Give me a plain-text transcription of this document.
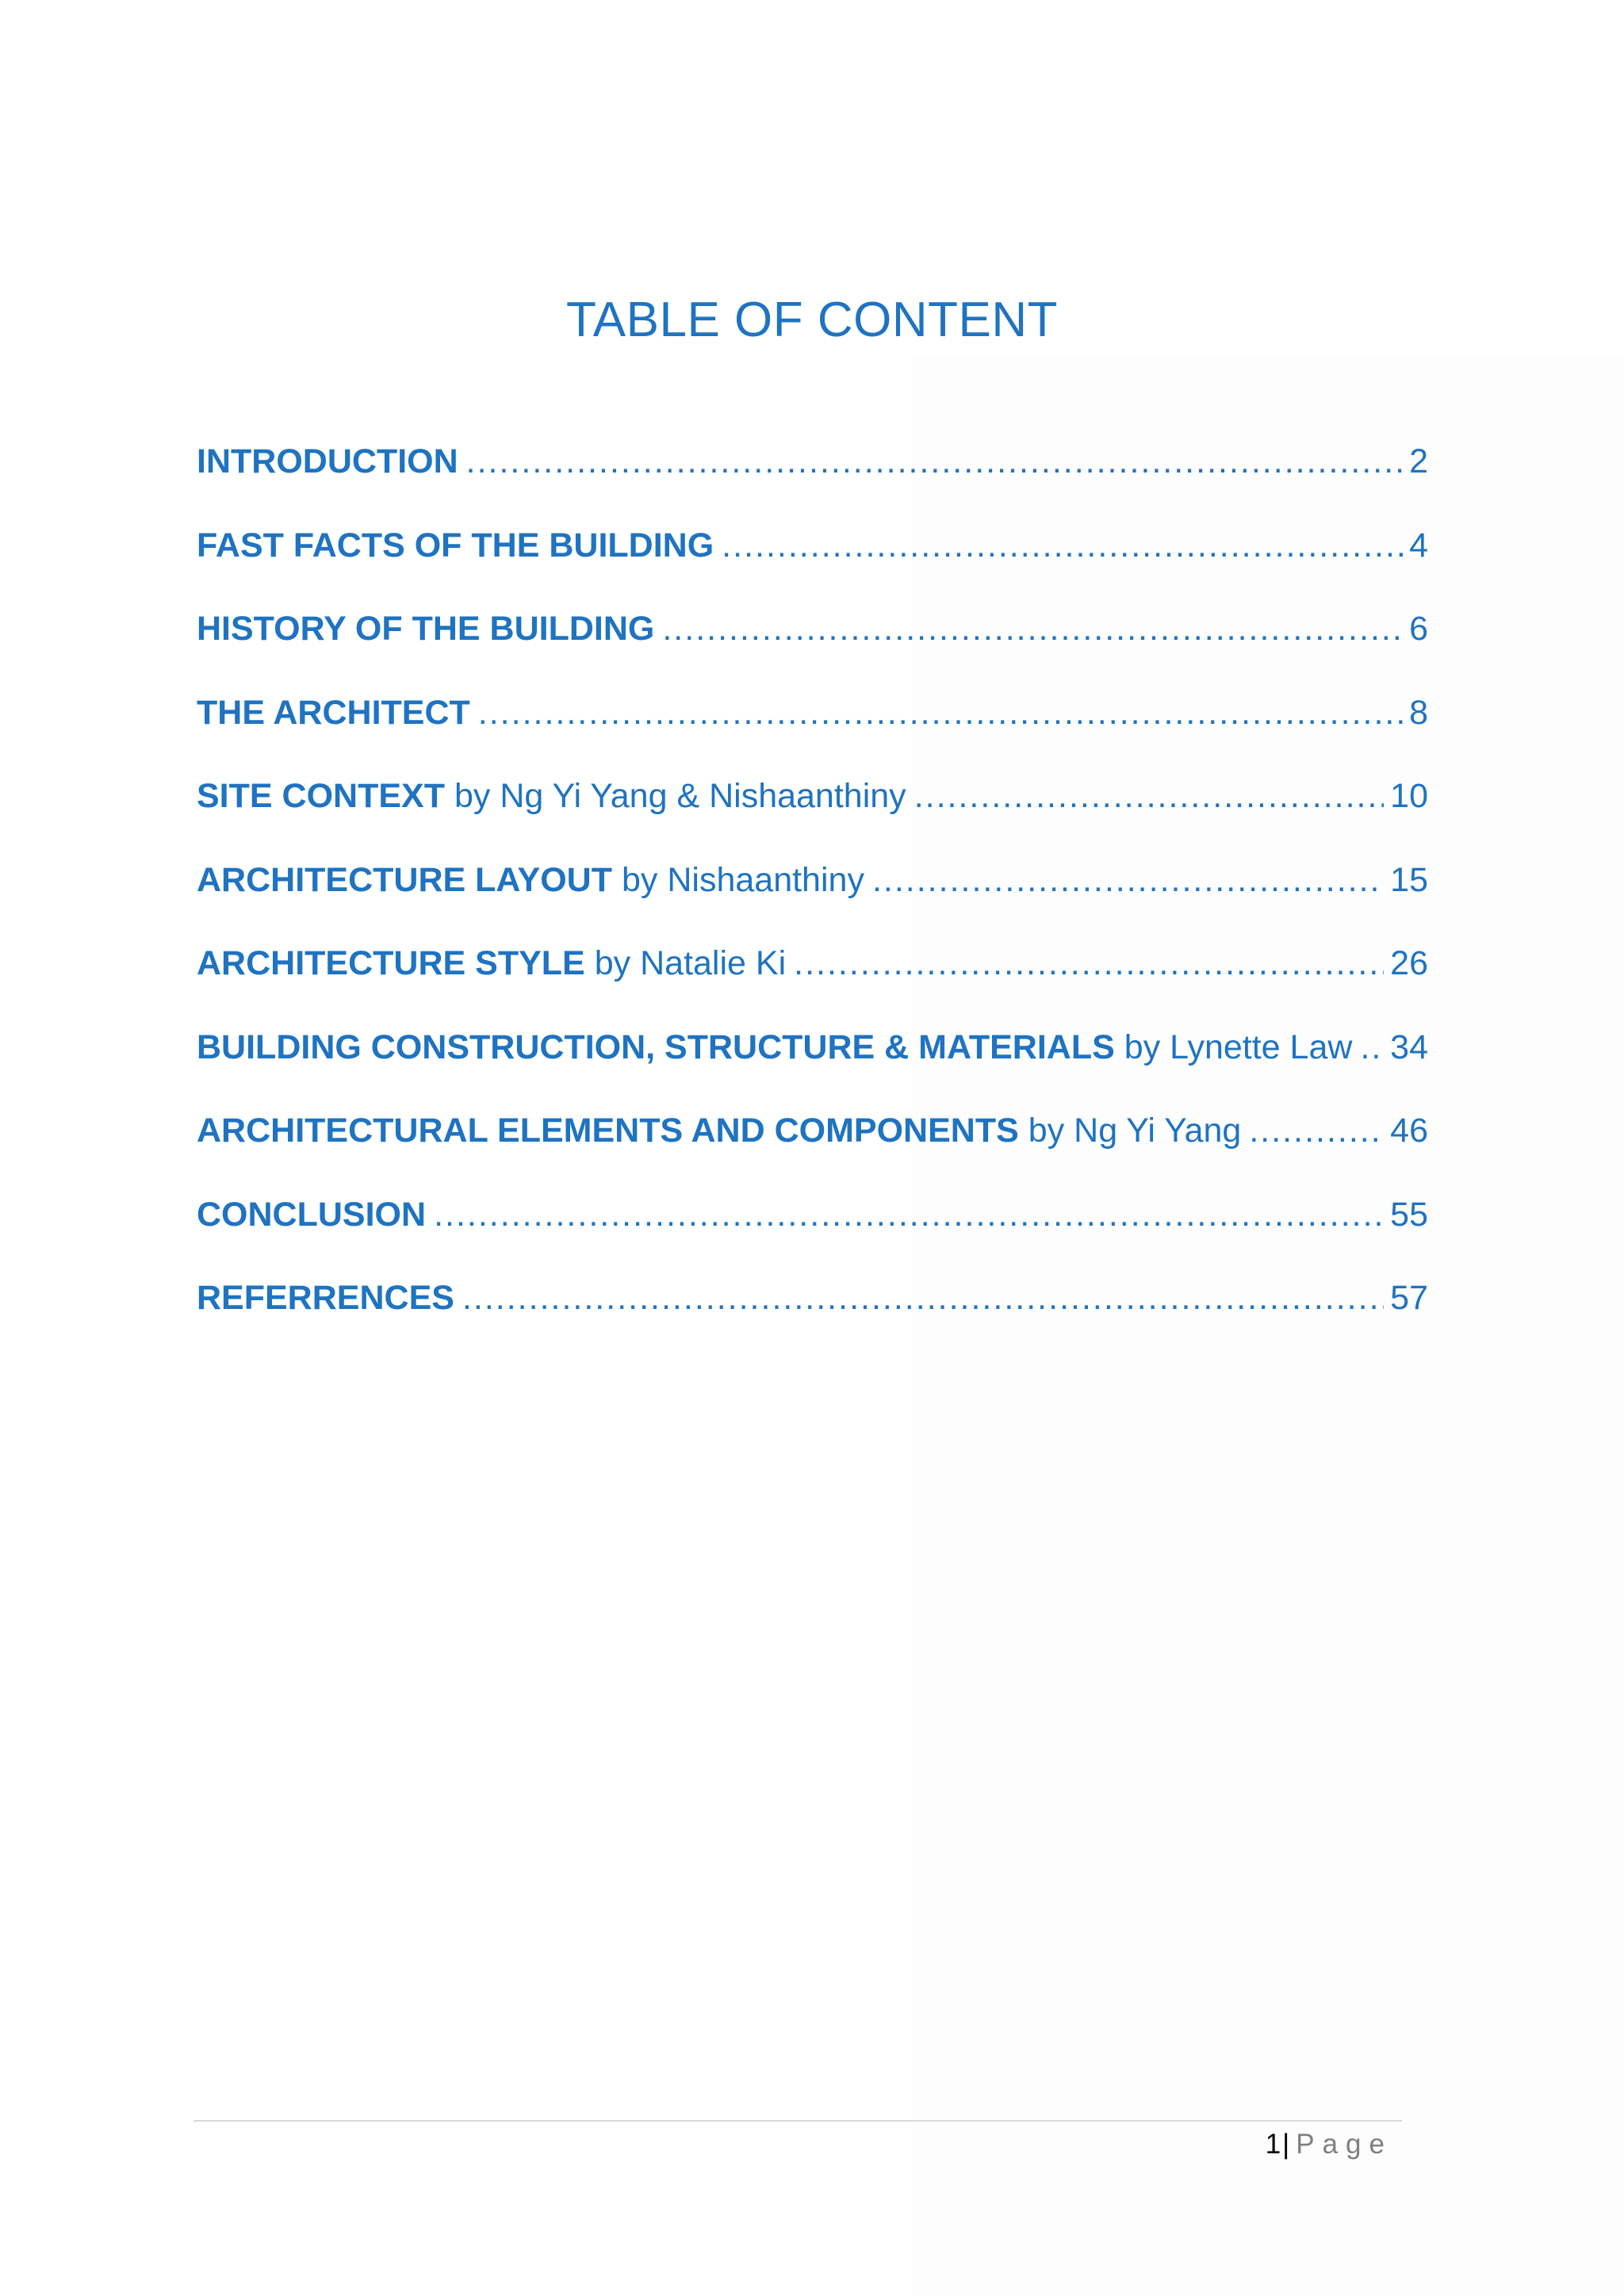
TABLE OF CONTENT
INTRODUCTION .....	2
FAST FACTS OF THE BUILDING .....	4
HISTORY OF THE BUILDING .....	6
THE ARCHITECT .....	8
SITE CONTEXT by Ng Yi Yang & Nishaanthiny .....	10
ARCHITECTURE LAYOUT by Nishaanthiny .....	15
ARCHITECTURE STYLE by Natalie Ki .....	26
BUILDING CONSTRUCTION, STRUCTURE & MATERIALS by Lynette Law ..... 34
ARCHITECTURAL ELEMENTS AND COMPONENTS by Ng Yi Yang .....	46
CONCLUSION .....	55
REFERRENCES .....	57
1| Page
